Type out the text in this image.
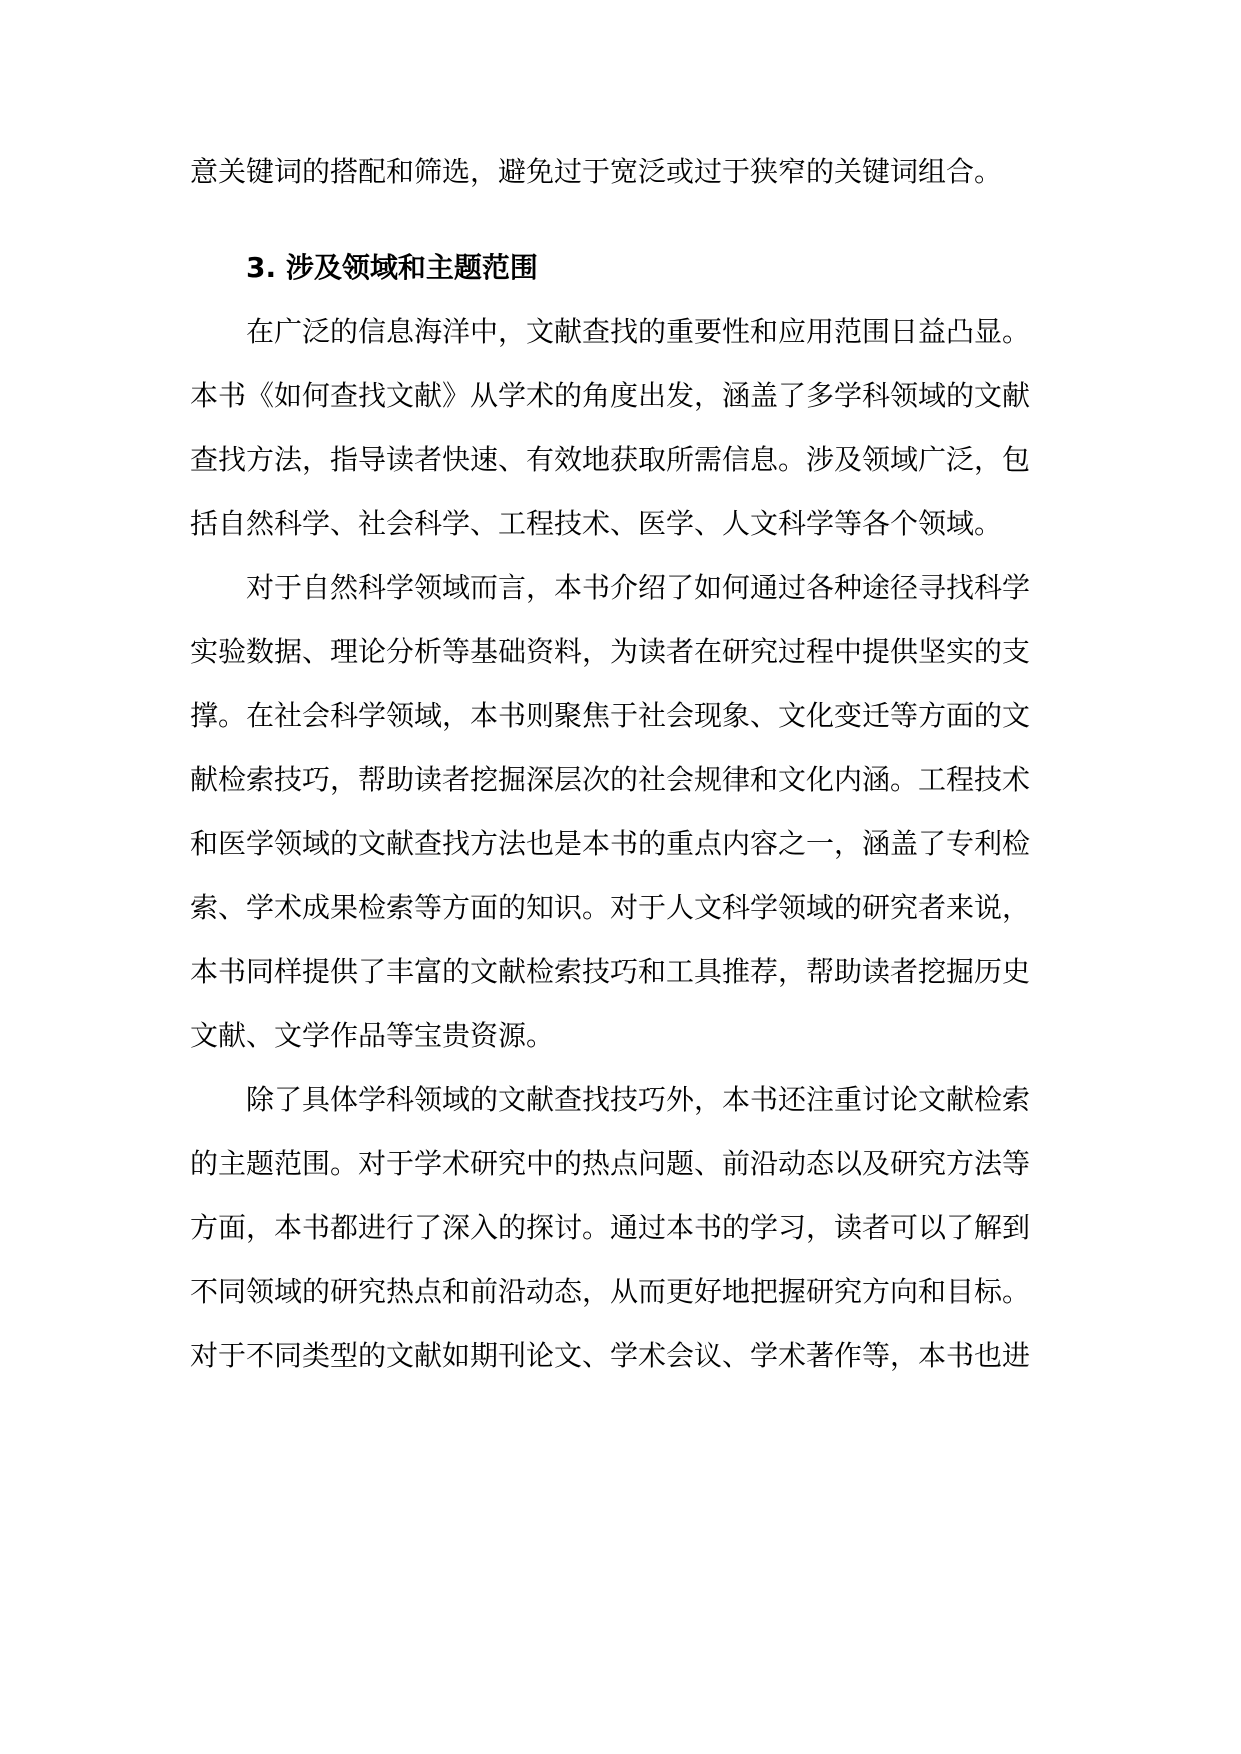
意关键词的搭配和筛选，避免过于宽泛或过于狭窄的关键词组合。
3. 涉及领域和主题范围
在广泛的信息海洋中，文献查找的重要性和应用范围日益凸显。
本书《如何查找文献》从学术的角度出发，涵盖了多学科领域的文献
查找方法，指导读者快速、有效地获取所需信息。涉及领域广泛，包
括自然科学、社会科学、工程技术、医学、人文科学等各个领域。
对于自然科学领域而言，本书介绍了如何通过各种途径寻找科学
实验数据、理论分析等基础资料，为读者在研究过程中提供坚实的支
撑。在社会科学领域，本书则聚焦于社会现象、文化变迁等方面的文
献检索技巧，帮助读者挖掘深层次的社会规律和文化内涵。工程技术
和医学领域的文献查找方法也是本书的重点内容之一，涵盖了专利检
索、学术成果检索等方面的知识。对于人文科学领域的研究者来说，
本书同样提供了丰富的文献检索技巧和工具推荐，帮助读者挖掘历史
文献、文学作品等宝贵资源。
除了具体学科领域的文献查找技巧外，本书还注重讨论文献检索
的主题范围。对于学术研究中的热点问题、前沿动态以及研究方法等
方面，本书都进行了深入的探讨。通过本书的学习，读者可以了解到
不同领域的研究热点和前沿动态，从而更好地把握研究方向和目标。
对于不同类型的文献如期刊论文、学术会议、学术著作等，本书也进
